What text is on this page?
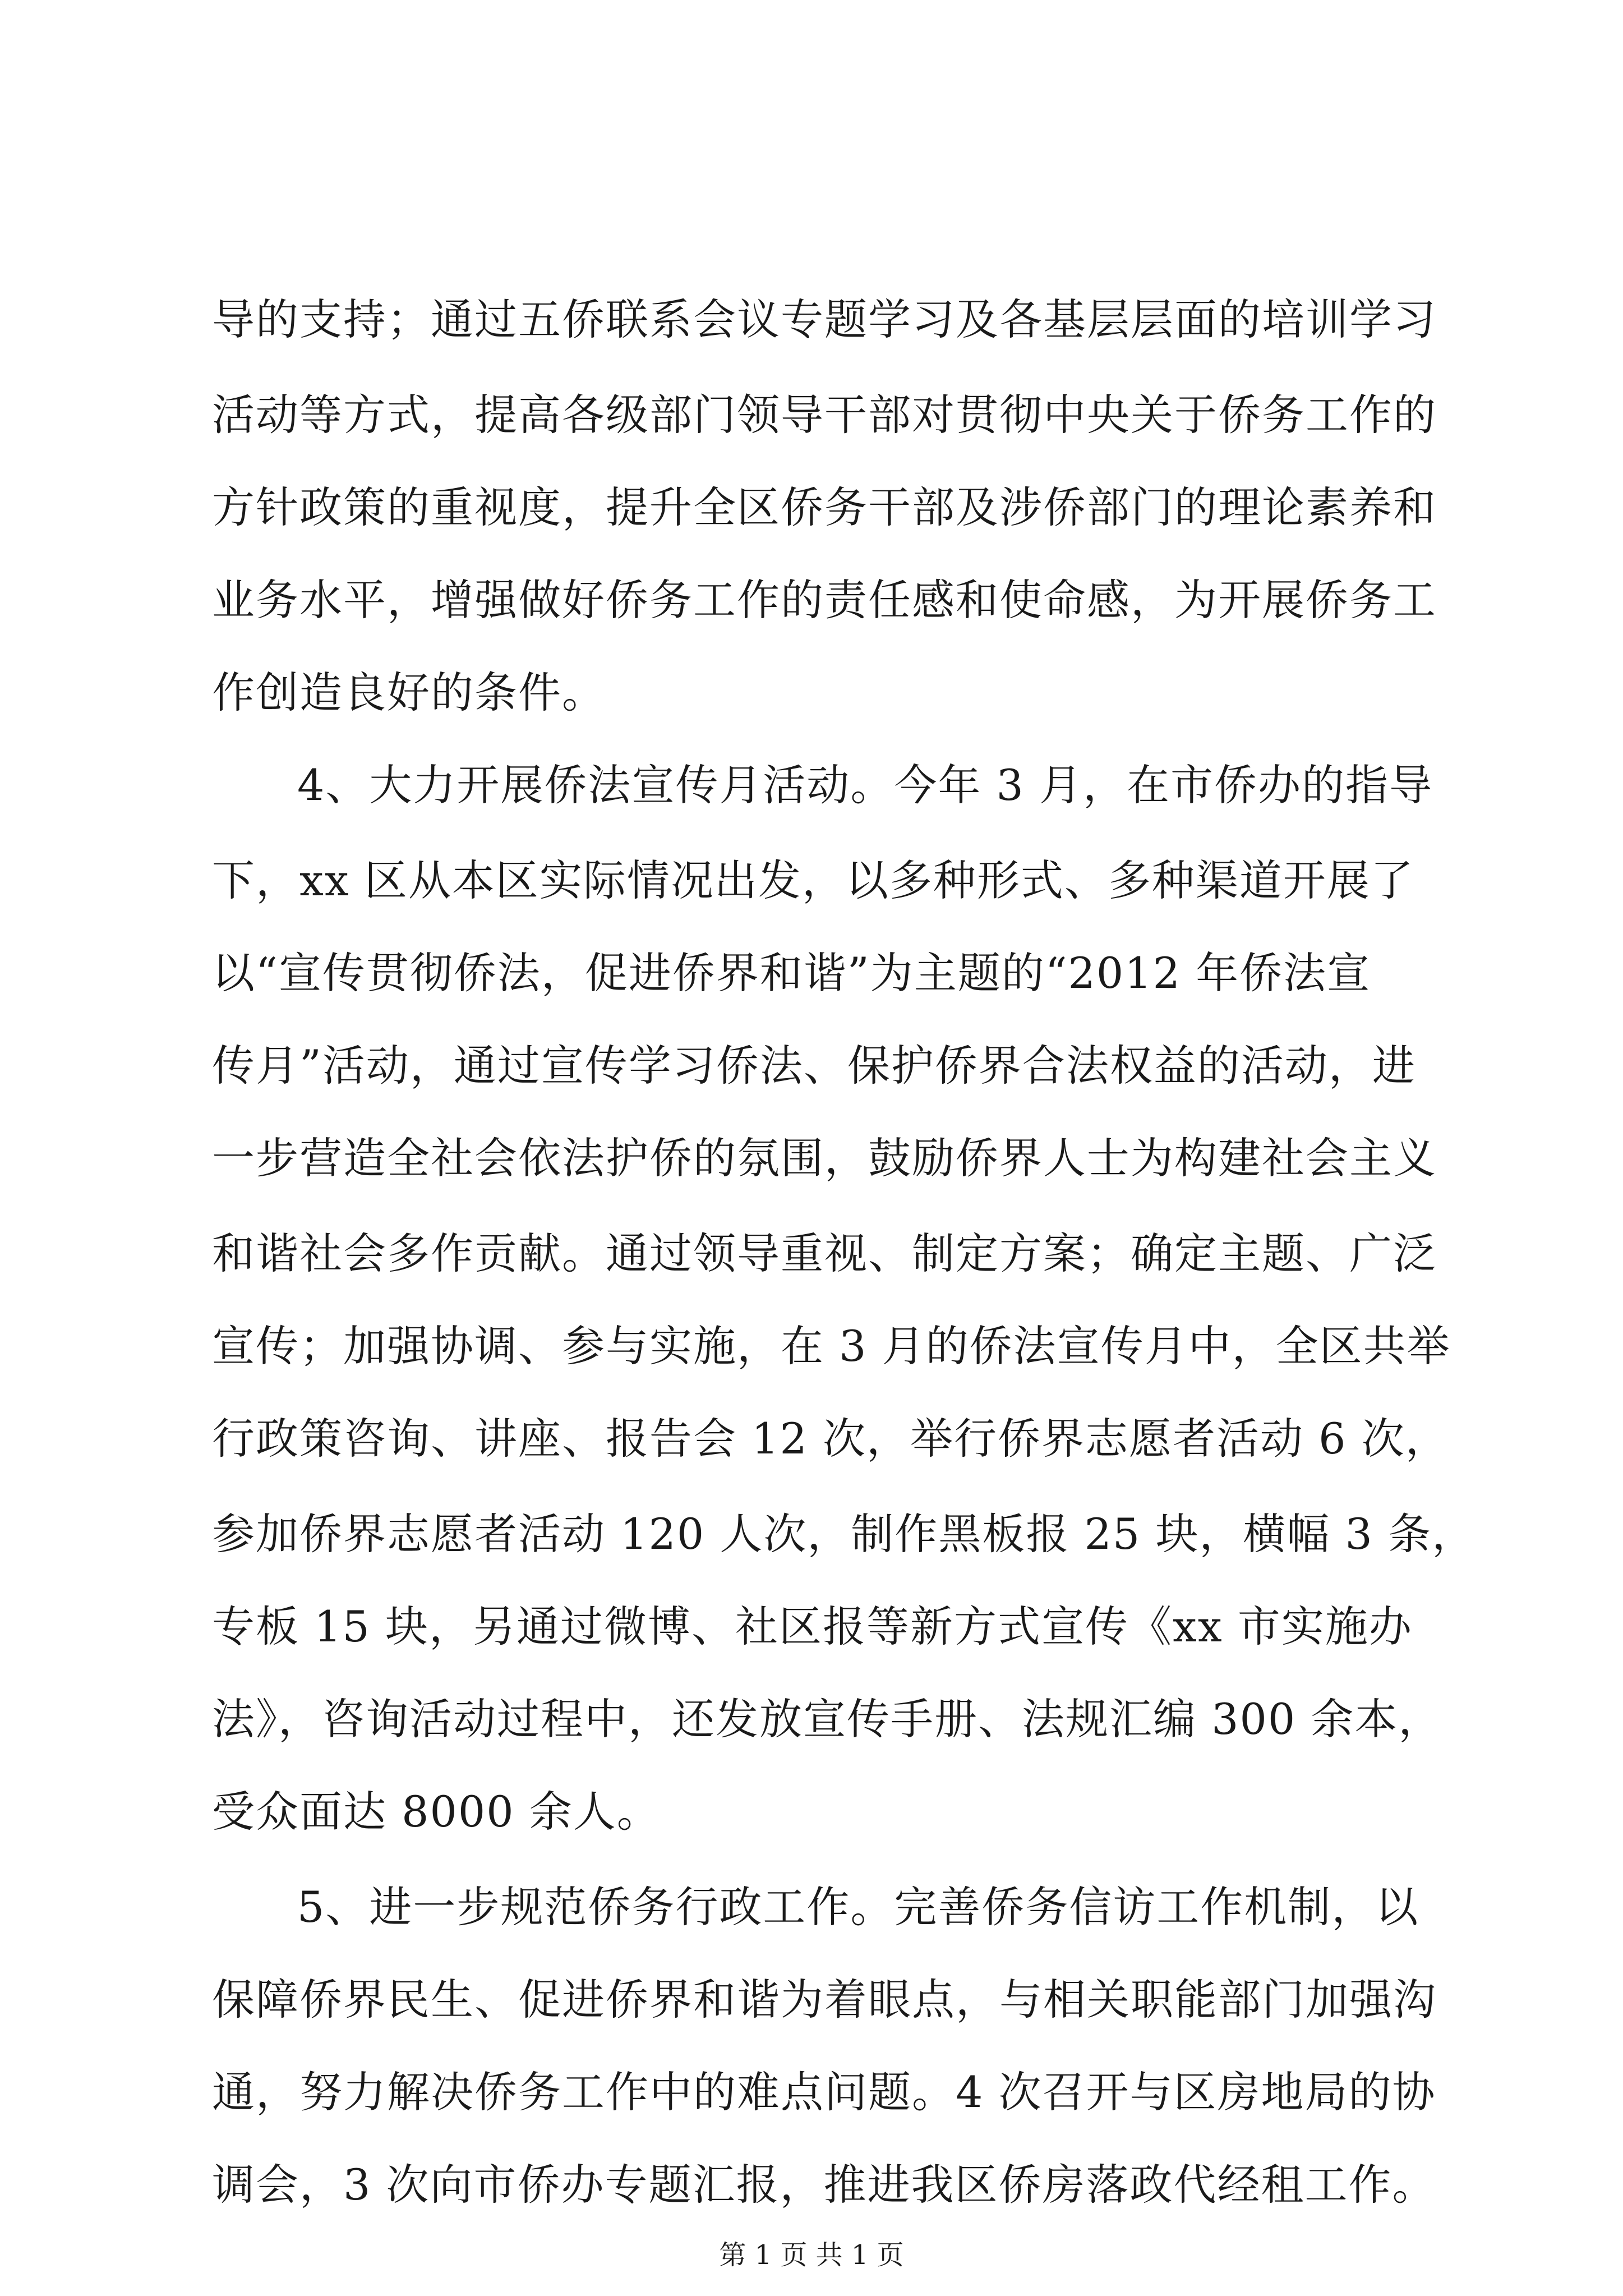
导的支持；通过五侨联系会议专题学习及各基层层面的培训学习
活动等方式，提高各级部门领导干部对贯彻中央关于侨务工作的
方针政策的重视度，提升全区侨务干部及涉侨部门的理论素养和
业务水平，增强做好侨务工作的责任感和使命感，为开展侨务工
作创造良好的条件。
4、大力开展侨法宣传月活动。今年 3 月，在市侨办的指导
下，xx 区从本区实际情况出发，以多种形式、多种渠道开展了
以“宣传贯彻侨法，促进侨界和谐”为主题的“2012 年侨法宣
传月”活动，通过宣传学习侨法、保护侨界合法权益的活动，进
一步营造全社会依法护侨的氛围，鼓励侨界人士为构建社会主义
和谐社会多作贡献。通过领导重视、制定方案；确定主题、广泛
宣传；加强协调、参与实施，在 3 月的侨法宣传月中，全区共举
行政策咨询、讲座、报告会 12 次，举行侨界志愿者活动 6 次，
参加侨界志愿者活动 120 人次，制作黑板报 25 块，横幅 3 条，
专板 15 块，另通过微博、社区报等新方式宣传《xx 市实施办
法》，咨询活动过程中，还发放宣传手册、法规汇编 300 余本，
受众面达 8000 余人。
5、进一步规范侨务行政工作。完善侨务信访工作机制，以
保障侨界民生、促进侨界和谐为着眼点，与相关职能部门加强沟
通，努力解决侨务工作中的难点问题。4 次召开与区房地局的协
调会，3 次向市侨办专题汇报，推进我区侨房落政代经租工作。
第 1 页 共 1 页
